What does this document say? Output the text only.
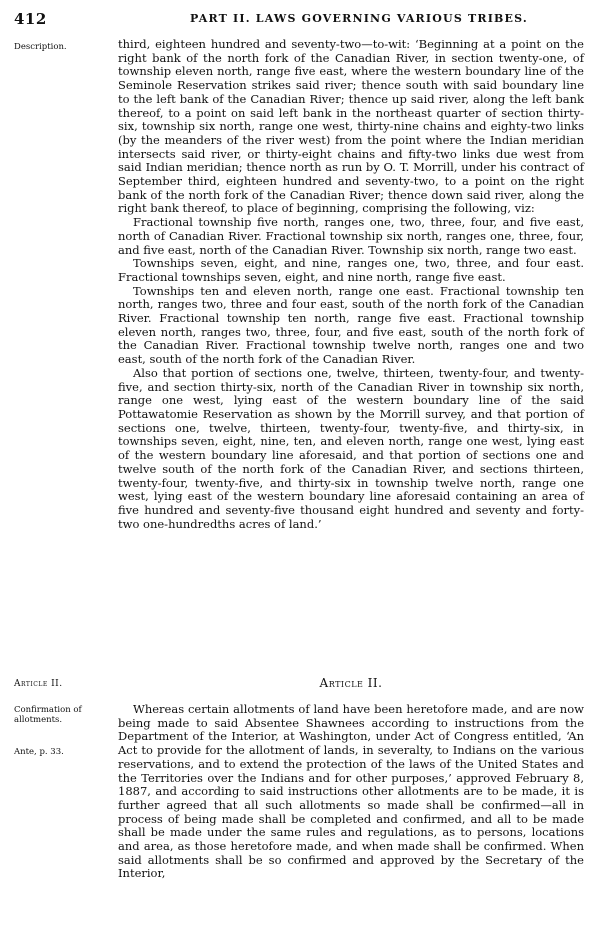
412	PART II. LAWS GOVERNING VARIOUS TRIBES.
Description.	third, eighteen hundred and seventy-two—to-wit: ‘Beginning at a point on the right bank of the north fork of the Canadian River, in section twenty-one, of township eleven north, range five east, where the western boundary line of the Seminole Reservation strikes said river; thence south with said boundary line to the left bank of the Canadian River; thence up said river, along the left bank thereof, to a point on said left bank in the northeast quarter of section thirty-six, township six north, range one west, thirty-nine chains and eighty-two links (by the meanders of the river west) from the point where the Indian meridian intersects said river, or thirty-eight chains and fifty-two links due west from said Indian meridian; thence north as run by O. T. Morrill, under his contract of September third, eighteen hundred and seventy-two, to a point on the right bank of the north fork of the Canadian River; thence down said river, along the right bank thereof, to place of beginning, comprising the following, viz:

Fractional township five north, ranges one, two, three, four, and five east, north of Canadian River. Fractional township six north, ranges one, three, four, and five east, north of the Canadian River. Township six north, range two east.

Townships seven, eight, and nine, ranges one, two, three, and four east. Fractional townships seven, eight, and nine north, range five east.

Townships ten and eleven north, range one east. Fractional township ten north, ranges two, three and four east, south of the north fork of the Canadian River. Fractional township ten north, range five east. Fractional township eleven north, ranges two, three, four, and five east, south of the north fork of the Canadian River. Fractional township twelve north, ranges one and two east, south of the north fork of the Canadian River.

Also that portion of sections one, twelve, thirteen, twenty-four, and twenty-five, and section thirty-six, north of the Canadian River in township six north, range one west, lying east of the western boundary line of the said Pottawatomie Reservation as shown by the Morrill survey, and that portion of sections one, twelve, thirteen, twenty-four, twenty-five, and thirty-six, in townships seven, eight, nine, ten, and eleven north, range one west, lying east of the western boundary line aforesaid, and that portion of sections one and twelve south of the north fork of the Canadian River, and sections thirteen, twenty-four, twenty-five, and thirty-six in township twelve north, range one west, lying east of the western boundary line aforesaid containing an area of five hundred and seventy-five thousand eight hundred and seventy and forty-two one-hundredths acres of land.’

Article II.	Article II.
Confirmation of allotments.
Ante, p. 33.

Whereas certain allotments of land have been heretofore made, and are now being made to said Absentee Shawnees according to instructions from the Department of the Interior, at Washington, under Act of Congress entitled, ‘An Act to provide for the allotment of lands, in severalty, to Indians on the various reservations, and to extend the protection of the laws of the United States and the Territories over the Indians and for other purposes,’ approved February 8, 1887, and according to said instructions other allotments are to be made, it is further agreed that all such allotments so made shall be confirmed—all in process of being made shall be completed and confirmed, and all to be made shall be made under the same rules and regulations, as to persons, locations and area, as those heretofore made, and when made shall be confirmed. When said allotments shall be so confirmed and approved by the Secretary of the Interior,
